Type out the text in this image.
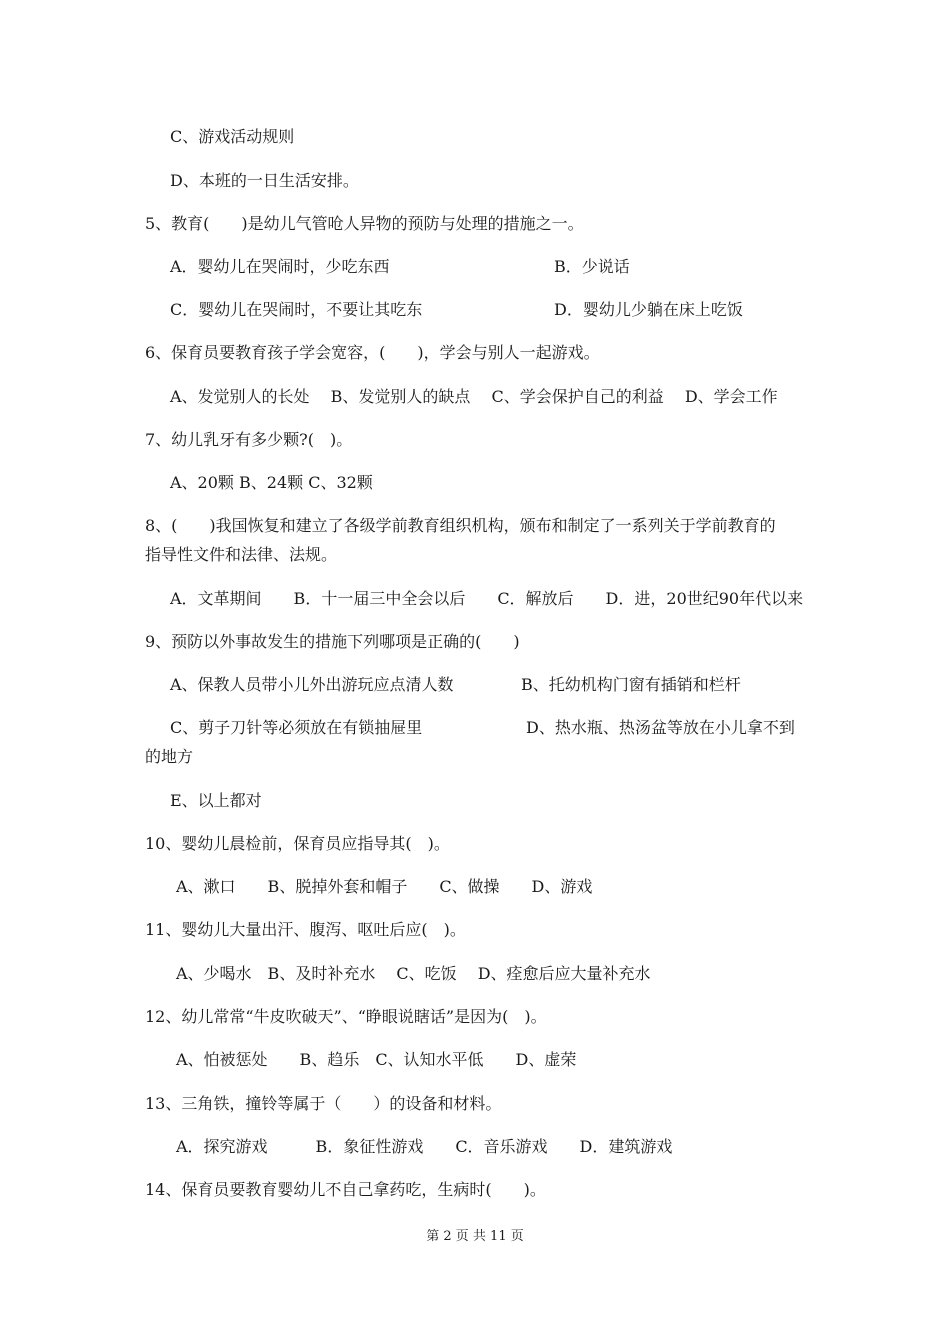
C、游戏活动规则
D、本班的一日生活安排。
5、教育(　　)是幼儿气管呛人异物的预防与处理的措施之一。
A．婴幼儿在哭闹时，少吃东西	B．少说话
C．婴幼儿在哭闹时，不要让其吃东	D．婴幼儿少躺在床上吃饭
6、保育员要教育孩子学会宽容，(　　)，学会与别人一起游戏。
A、发觉别人的长处　 B、发觉别人的缺点　 C、学会保护自己的利益　 D、学会工作
7、幼儿乳牙有多少颗?(　)。
A、20颗 B、24颗 C、32颗
8、(　　)我国恢复和建立了各级学前教育组织机构，颁布和制定了一系列关于学前教育的
指导性文件和法律、法规。
A．文革期间　　B．十一届三中全会以后　　C．解放后　　D．进，20世纪90年代以来
9、预防以外事故发生的措施下列哪项是正确的(　　)
A、保教人员带小儿外出游玩应点清人数	B、托幼机构门窗有插销和栏杆
C、剪子刀针等必须放在有锁抽屉里	D、热水瓶、热汤盆等放在小儿拿不到
的地方
E、以上都对
10、婴幼儿晨检前，保育员应指导其(　)。
A、漱口　　B、脱掉外套和帽子　　C、做操　　D、游戏
11、婴幼儿大量出汗、腹泻、呕吐后应(　)。
A、少喝水　B、及时补充水　 C、吃饭　 D、痊愈后应大量补充水
12、幼儿常常“牛皮吹破天”、“睁眼说瞎话”是因为(　)。
A、怕被惩处　　B、趋乐　C、认知水平低　　D、虚荣
13、三角铁，撞铃等属于（　　）的设备和材料。
A．探究游戏　　　B．象征性游戏　　C．音乐游戏　　D．建筑游戏
14、保育员要教育婴幼儿不自己拿药吃，生病时(　　)。
第 2 页 共 11 页
